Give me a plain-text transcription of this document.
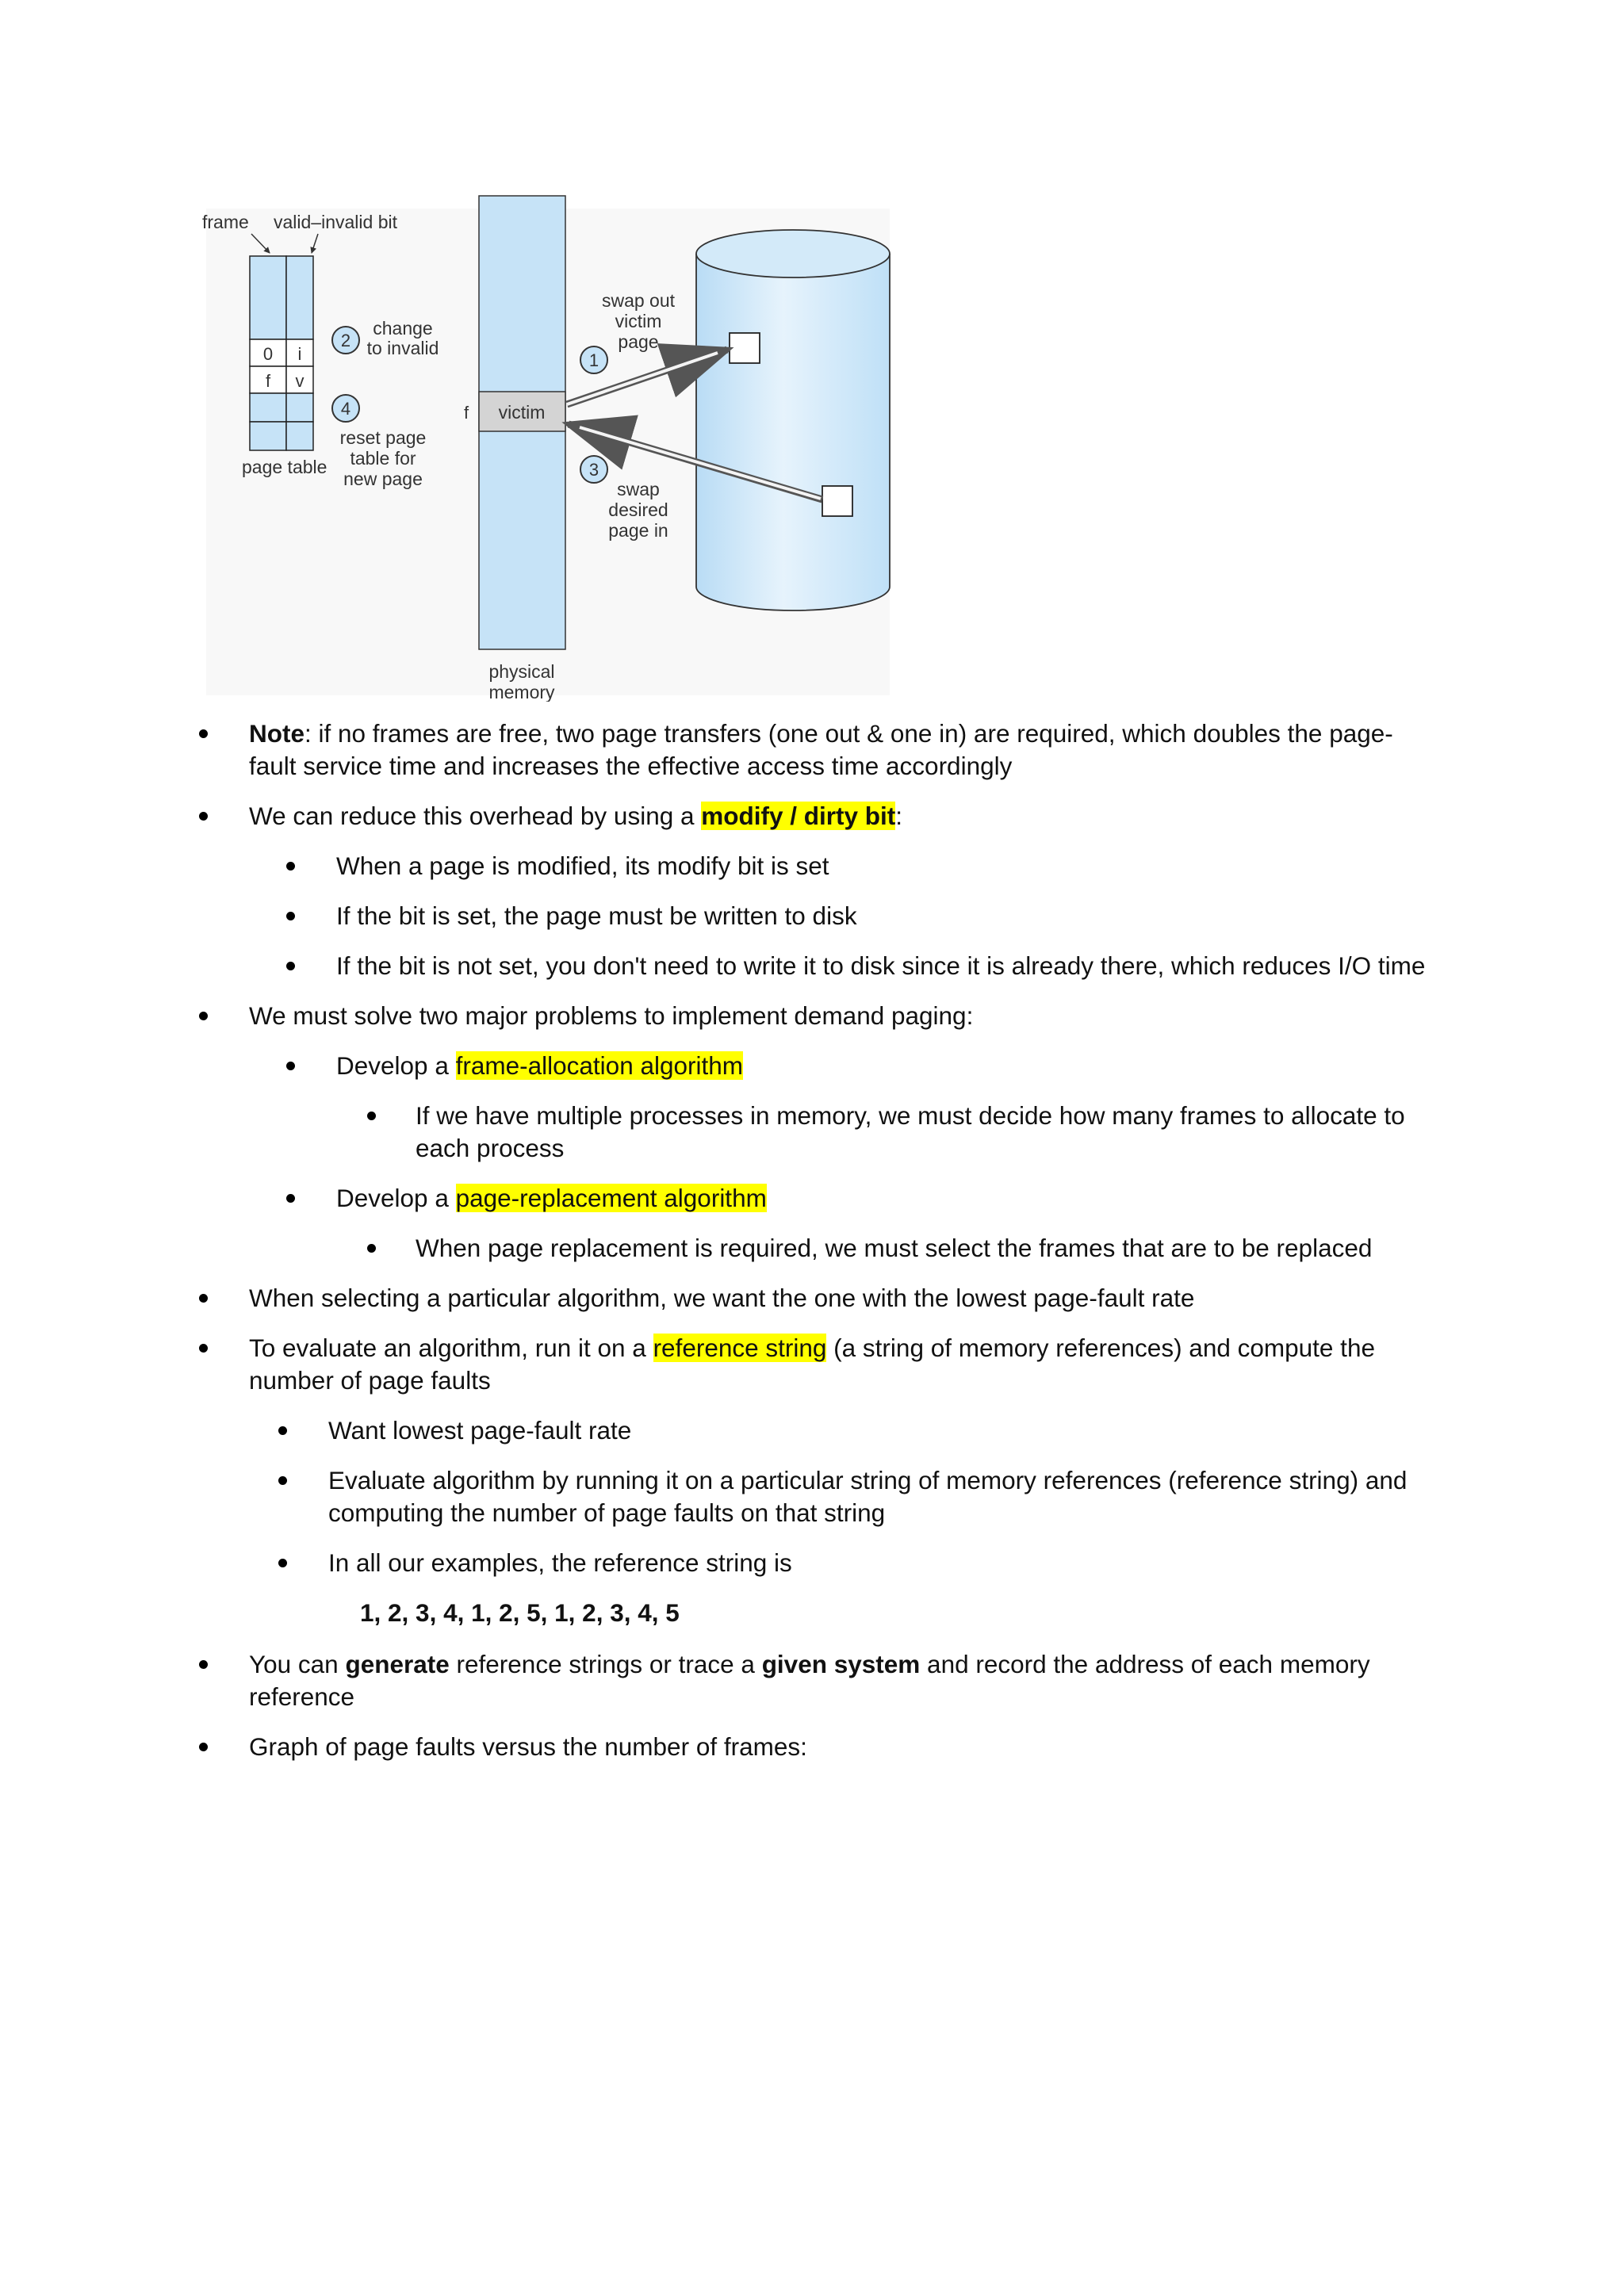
frame valid–invalid bit
0 i
f v
page table
2
change
to invalid
4
reset page
table for
new page
victim
f
physical
memory
1
swap out
victim
page
3
swap
desired
page in
Note: if no frames are free, two page transfers (one out & one in) are required, which doubles the page-fault service time and increases the effective access time accordingly
We can reduce this overhead by using a modify / dirty bit:
When a page is modified, its modify bit is set
If the bit is set, the page must be written to disk
If the bit is not set, you don't need to write it to disk since it is already there, which reduces I/O time
We must solve two major problems to implement demand paging:
Develop a frame-allocation algorithm
If we have multiple processes in memory, we must decide how many frames to allocate to each process
Develop a page-replacement algorithm
When page replacement is required, we must select the frames that are to be replaced
When selecting a particular algorithm, we want the one with the lowest page-fault rate
To evaluate an algorithm, run it on a reference string (a string of memory references) and compute the number of page faults
Want lowest page-fault rate
Evaluate algorithm by running it on a particular string of memory references (reference string) and computing the number of page faults on that string
In all our examples, the reference string is
1, 2, 3, 4, 1, 2, 5, 1, 2, 3, 4, 5
You can generate reference strings or trace a given system and record the address of each memory reference
Graph of page faults versus the number of frames:
